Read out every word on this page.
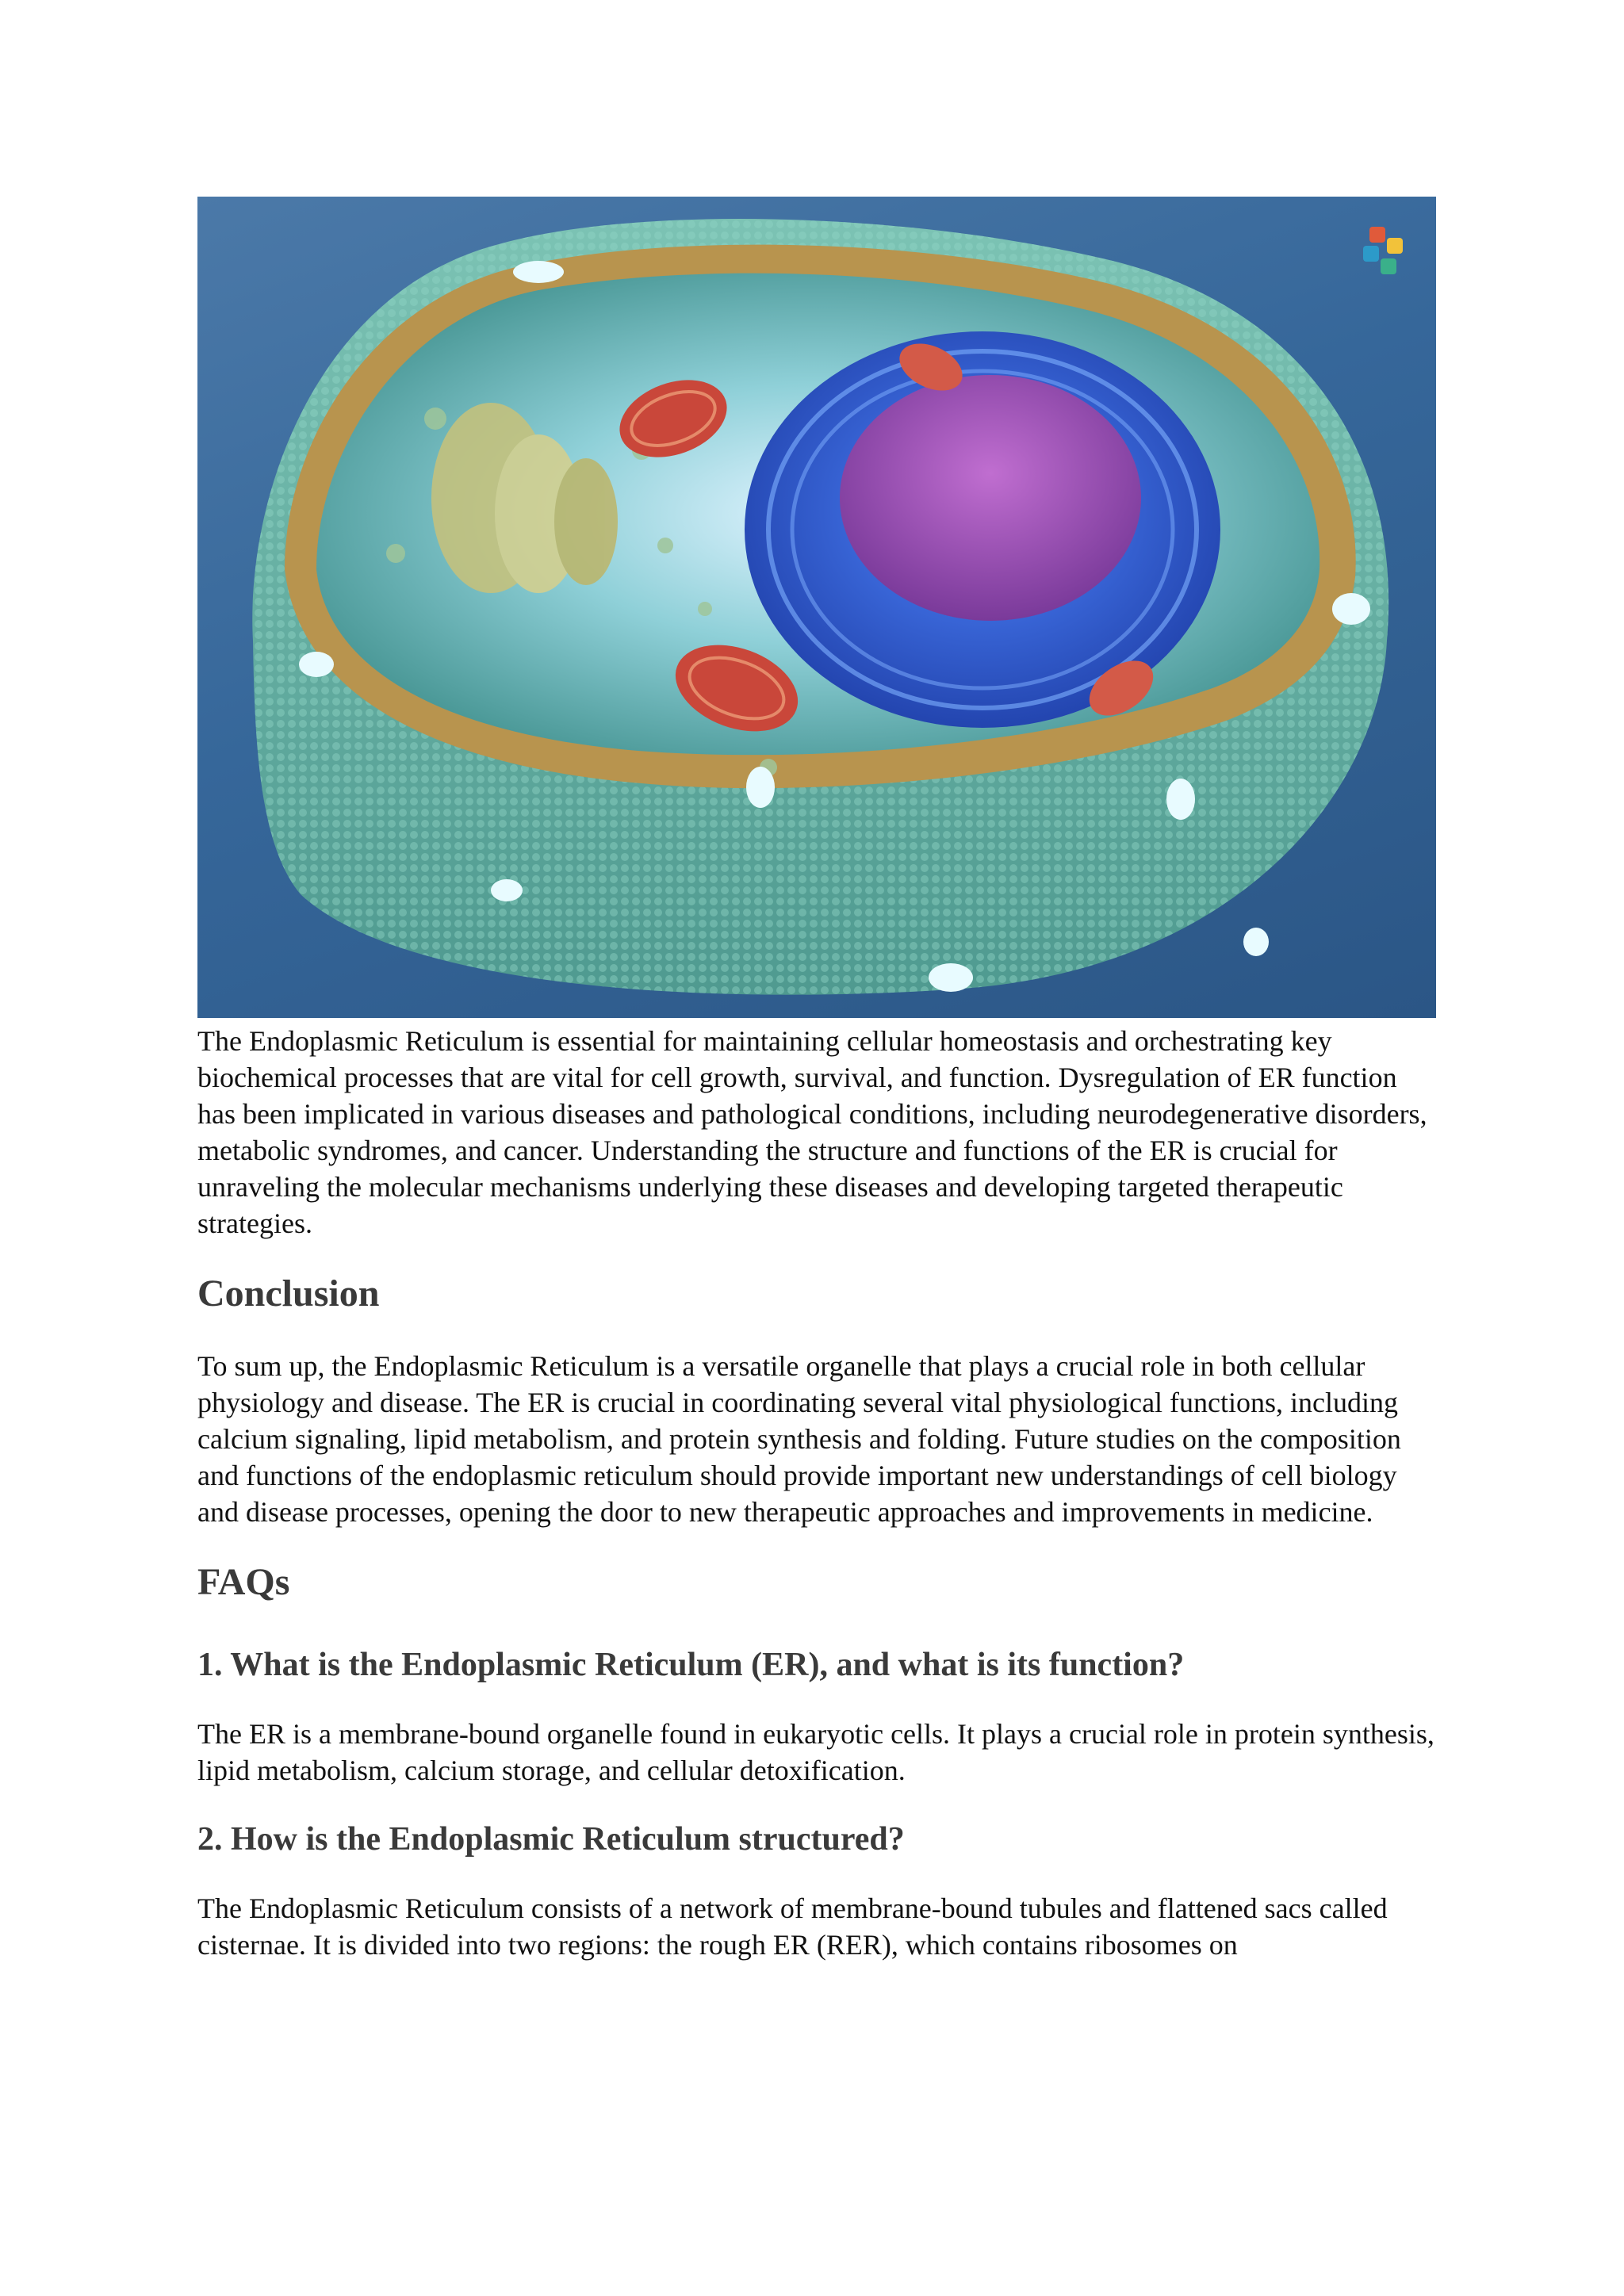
The Endoplasmic Reticulum is essential for maintaining cellular homeostasis and orchestrating key biochemical processes that are vital for cell growth, survival, and function. Dysregulation of ER function has been implicated in various diseases and pathological conditions, including neurodegenerative disorders, metabolic syndromes, and cancer. Understanding the structure and functions of the ER is crucial for unraveling the molecular mechanisms underlying these diseases and developing targeted therapeutic strategies.

Conclusion

To sum up, the Endoplasmic Reticulum is a versatile organelle that plays a crucial role in both cellular physiology and disease. The ER is crucial in coordinating several vital physiological functions, including calcium signaling, lipid metabolism, and protein synthesis and folding. Future studies on the composition and functions of the endoplasmic reticulum should provide important new understandings of cell biology and disease processes, opening the door to new therapeutic approaches and improvements in medicine.

FAQs
1. What is the Endoplasmic Reticulum (ER), and what is its function?

The ER is a membrane-bound organelle found in eukaryotic cells. It plays a crucial role in protein synthesis, lipid metabolism, calcium storage, and cellular detoxification.

2. How is the Endoplasmic Reticulum structured?

The Endoplasmic Reticulum consists of a network of membrane-bound tubules and flattened sacs called cisternae. It is divided into two regions: the rough ER (RER), which contains ribosomes on
